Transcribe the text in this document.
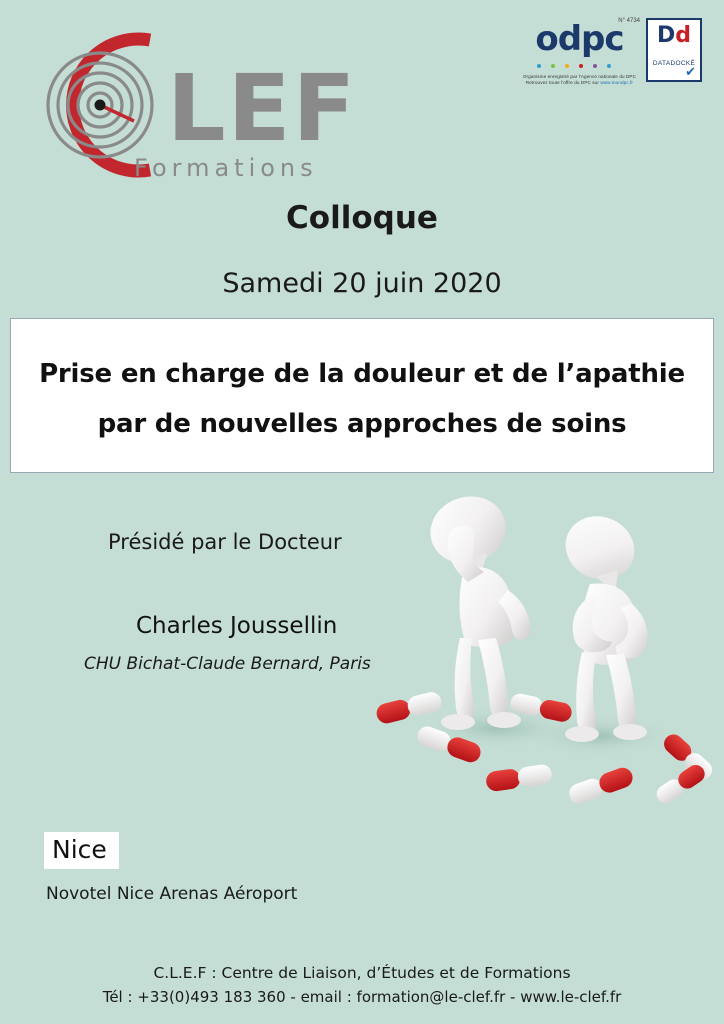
LEF
Formations
N° 4734
odpc
Organisme enregistré par l'Agence nationale du DPC
Retrouvez toute l'offre du DPC sur www.mondpc.fr
Dd
DATADOCKÉ
✔
Colloque
Samedi 20 juin 2020
Prise en charge de la douleur et de l’apathie
par de nouvelles approches de soins
Présidé par le Docteur
Charles Joussellin
CHU Bichat-Claude Bernard, Paris
Nice
Novotel Nice Arenas Aéroport
C.L.E.F : Centre de Liaison, d’Études et de Formations
Tél : +33(0)493 183 360 - email : formation@le-clef.fr - www.le-clef.fr
